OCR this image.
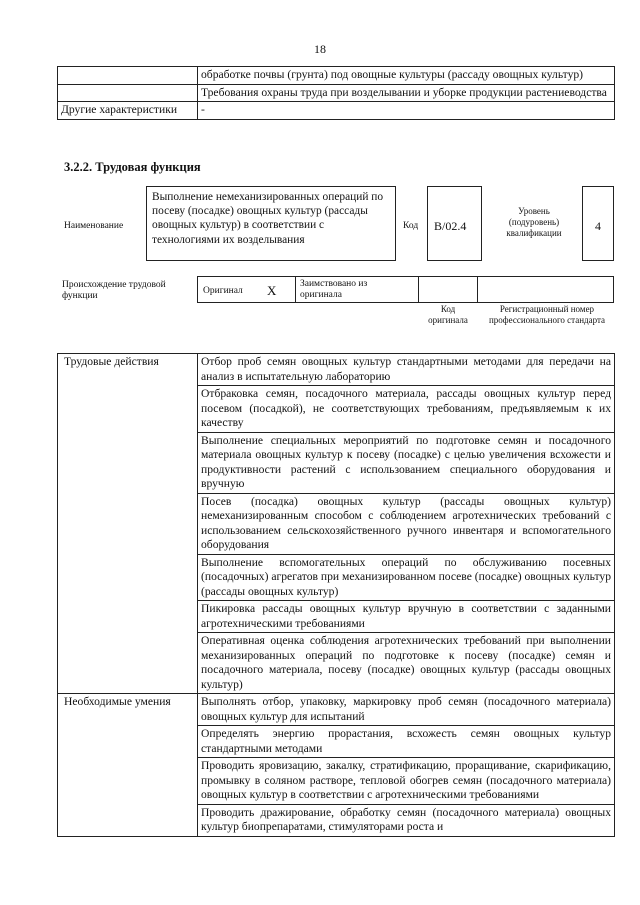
18
	обработке почвы (грунта) под овощные культуры (рассаду овощных культур)
	Требования охраны труда при возделывании и уборке продукции растениеводства
Другие характеристики	-
3.2.2. Трудовая функция
Наименование
Выполнение немеханизированных операций по посеву (посадке) овощных культур (рассады овощных культур) в соответствии с технологиями их возделывания
Код	B/02.4
Уровень (подуровень) квалификации	4
Происхождение трудовой функции	Оригинал X Заимствовано из оригинала
Код оригинала
Регистрационный номер профессионального стандарта
Трудовые действия	Отбор проб семян овощных культур стандартными методами для передачи на анализ в испытательную лабораторию
	Отбраковка семян, посадочного материала, рассады овощных культур перед посевом (посадкой), не соответствующих требованиям, предъявляемым к их качеству
	Выполнение специальных мероприятий по подготовке семян и посадочного материала овощных культур к посеву (посадке) с целью увеличения всхожести и продуктивности растений с использованием специального оборудования и вручную
	Посев (посадка) овощных культур (рассады овощных культур) немеханизированным способом с соблюдением агротехнических требований с использованием сельскохозяйственного ручного инвентаря и вспомогательного оборудования
	Выполнение вспомогательных операций по обслуживанию посевных (посадочных) агрегатов при механизированном посеве (посадке) овощных культур (рассады овощных культур)
	Пикировка рассады овощных культур вручную в соответствии с заданными агротехническими требованиями
	Оперативная оценка соблюдения агротехнических требований при выполнении механизированных операций по подготовке к посеву (посадке) семян и посадочного материала, посеву (посадке) овощных культур (рассады овощных культур)
Необходимые умения	Выполнять отбор, упаковку, маркировку проб семян (посадочного материала) овощных культур для испытаний
	Определять энергию прорастания, всхожесть семян овощных культур стандартными методами
	Проводить яровизацию, закалку, стратификацию, проращивание, скарификацию, промывку в соляном растворе, тепловой обогрев семян (посадочного материала) овощных культур в соответствии с агротехническими требованиями
	Проводить дражирование, обработку семян (посадочного материала) овощных культур биопрепаратами, стимуляторами роста и
